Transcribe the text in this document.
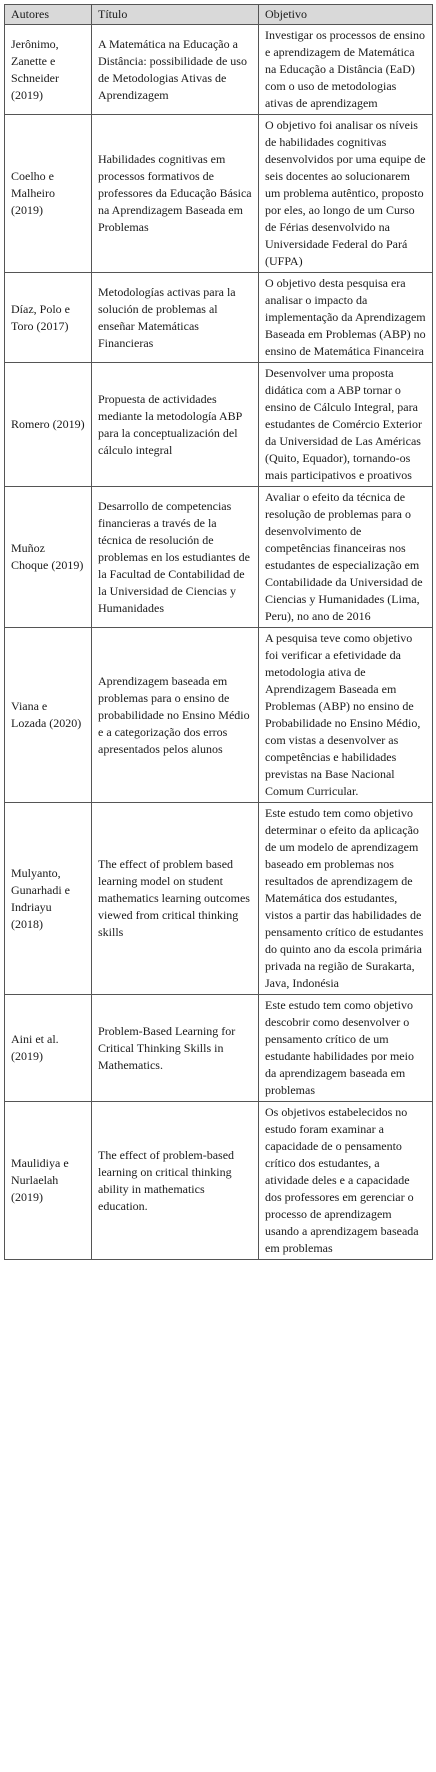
Autores	Título	Objetivo
Jerônimo, Zanette e Schneider (2019)	A Matemática na Educação a Distância: possibilidade de uso de Metodologias Ativas de Aprendizagem	Investigar os processos de ensino e aprendizagem de Matemática na Educação a Distância (EaD) com o uso de metodologias ativas de aprendizagem
Coelho e Malheiro (2019)	Habilidades cognitivas em processos formativos de professores da Educação Básica na Aprendizagem Baseada em Problemas	O objetivo foi analisar os níveis de habilidades cognitivas desenvolvidos por uma equipe de seis docentes ao solucionarem um problema autêntico, proposto por eles, ao longo de um Curso de Férias desenvolvido na Universidade Federal do Pará (UFPA)
Díaz, Polo e Toro (2017)	Metodologías activas para la solución de problemas al enseñar Matemáticas Financieras	O objetivo desta pesquisa era analisar o impacto da implementação da Aprendizagem Baseada em Problemas (ABP) no ensino de Matemática Financeira
Romero (2019)	Propuesta de actividades mediante la metodología ABP para la conceptualización del cálculo integral	Desenvolver uma proposta didática com a ABP tornar o ensino de Cálculo Integral, para estudantes de Comércio Exterior da Universidad de Las Américas (Quito, Equador), tornando-os mais participativos e proativos
Muñoz Choque (2019)	Desarrollo de competencias financieras a través de la técnica de resolución de problemas en los estudiantes de la Facultad de Contabilidad de la Universidad de Ciencias y Humanidades	Avaliar o efeito da técnica de resolução de problemas para o desenvolvimento de competências financeiras nos estudantes de especialização em Contabilidade da Universidad de Ciencias y Humanidades (Lima, Peru), no ano de 2016
Viana e Lozada (2020)	Aprendizagem baseada em problemas para o ensino de probabilidade no Ensino Médio e a categorização dos erros apresentados pelos alunos	A pesquisa teve como objetivo foi verificar a efetividade da metodologia ativa de Aprendizagem Baseada em Problemas (ABP) no ensino de Probabilidade no Ensino Médio, com vistas a desenvolver as competências e habilidades previstas na Base Nacional Comum Curricular.
Mulyanto, Gunarhadi e Indriayu (2018)	The effect of problem based learning model on student mathematics learning outcomes viewed from critical thinking skills	Este estudo tem como objetivo determinar o efeito da aplicação de um modelo de aprendizagem baseado em problemas nos resultados de aprendizagem de Matemática dos estudantes, vistos a partir das habilidades de pensamento crítico de estudantes do quinto ano da escola primária privada na região de Surakarta, Java, Indonésia
Aini et al. (2019)	Problem-Based Learning for Critical Thinking Skills in Mathematics.	Este estudo tem como objetivo descobrir como desenvolver o pensamento crítico de um estudante habilidades por meio da aprendizagem baseada em problemas
Maulidiya e Nurlaelah (2019)	The effect of problem-based learning on critical thinking ability in mathematics education.	Os objetivos estabelecidos no estudo foram examinar a capacidade de o pensamento crítico dos estudantes, a atividade deles e a capacidade dos professores em gerenciar o processo de aprendizagem usando a aprendizagem baseada em problemas
